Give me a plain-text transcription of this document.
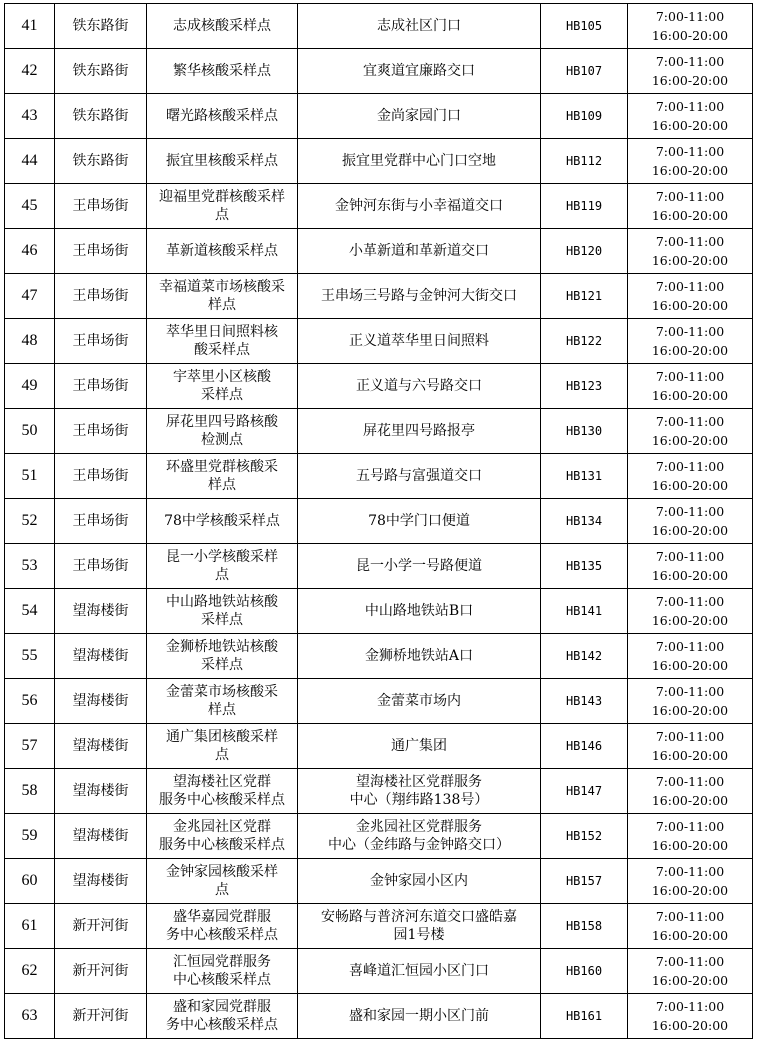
41	铁东路街	志成核酸采样点	志成社区门口	HB105	7:00-11:00
16:00-20:00

42	铁东路街	繁华核酸采样点	宜爽道宜廉路交口	HB107	7:00-11:00
16:00-20:00

43	铁东路街	曙光路核酸采样点	金尚家园门口	HB109	7:00-11:00
16:00-20:00

44	铁东路街	振宜里核酸采样点	振宜里党群中心门口空地	HB112	7:00-11:00
16:00-20:00

45	王串场街	迎福里党群核酸采样
点	金钟河东街与小幸福道交口	HB119	7:00-11:00
16:00-20:00

46	王串场街	革新道核酸采样点	小革新道和革新道交口	HB120	7:00-11:00
16:00-20:00

47	王串场街	幸福道菜市场核酸采
样点	王串场三号路与金钟河大街交口	HB121	7:00-11:00
16:00-20:00

48	王串场街	萃华里日间照料核
酸采样点	正义道萃华里日间照料	HB122	7:00-11:00
16:00-20:00

49	王串场街	宇萃里小区核酸
采样点	正义道与六号路交口	HB123	7:00-11:00
16:00-20:00

50	王串场街	屏花里四号路核酸
检测点	屏花里四号路报亭	HB130	7:00-11:00
16:00-20:00

51	王串场街	环盛里党群核酸采
样点	五号路与富强道交口	HB131	7:00-11:00
16:00-20:00

52	王串场街	78中学核酸采样点	78中学门口便道	HB134	7:00-11:00
16:00-20:00

53	王串场街	昆一小学核酸采样
点	昆一小学一号路便道	HB135	7:00-11:00
16:00-20:00

54	望海楼街	中山路地铁站核酸
采样点	中山路地铁站B口	HB141	7:00-11:00
16:00-20:00

55	望海楼街	金狮桥地铁站核酸
采样点	金狮桥地铁站A口	HB142	7:00-11:00
16:00-20:00

56	望海楼街	金蕾菜市场核酸采
样点	金蕾菜市场内	HB143	7:00-11:00
16:00-20:00

57	望海楼街	通广集团核酸采样
点	通广集团	HB146	7:00-11:00
16:00-20:00

58	望海楼街	望海楼社区党群
服务中心核酸采样点	望海楼社区党群服务
中心（翔纬路138号）	HB147	7:00-11:00
16:00-20:00

59	望海楼街	金兆园社区党群
服务中心核酸采样点	金兆园社区党群服务
中心（金纬路与金钟路交口）	HB152	7:00-11:00
16:00-20:00

60	望海楼街	金钟家园核酸采样
点	金钟家园小区内	HB157	7:00-11:00
16:00-20:00

61	新开河街	盛华嘉园党群服
务中心核酸采样点	安畅路与普济河东道交口盛皓嘉
园1号楼	HB158	7:00-11:00
16:00-20:00

62	新开河街	汇恒园党群服务
中心核酸采样点	喜峰道汇恒园小区门口	HB160	7:00-11:00
16:00-20:00

63	新开河街	盛和家园党群服
务中心核酸采样点	盛和家园一期小区门前	HB161	7:00-11:00
16:00-20:00
